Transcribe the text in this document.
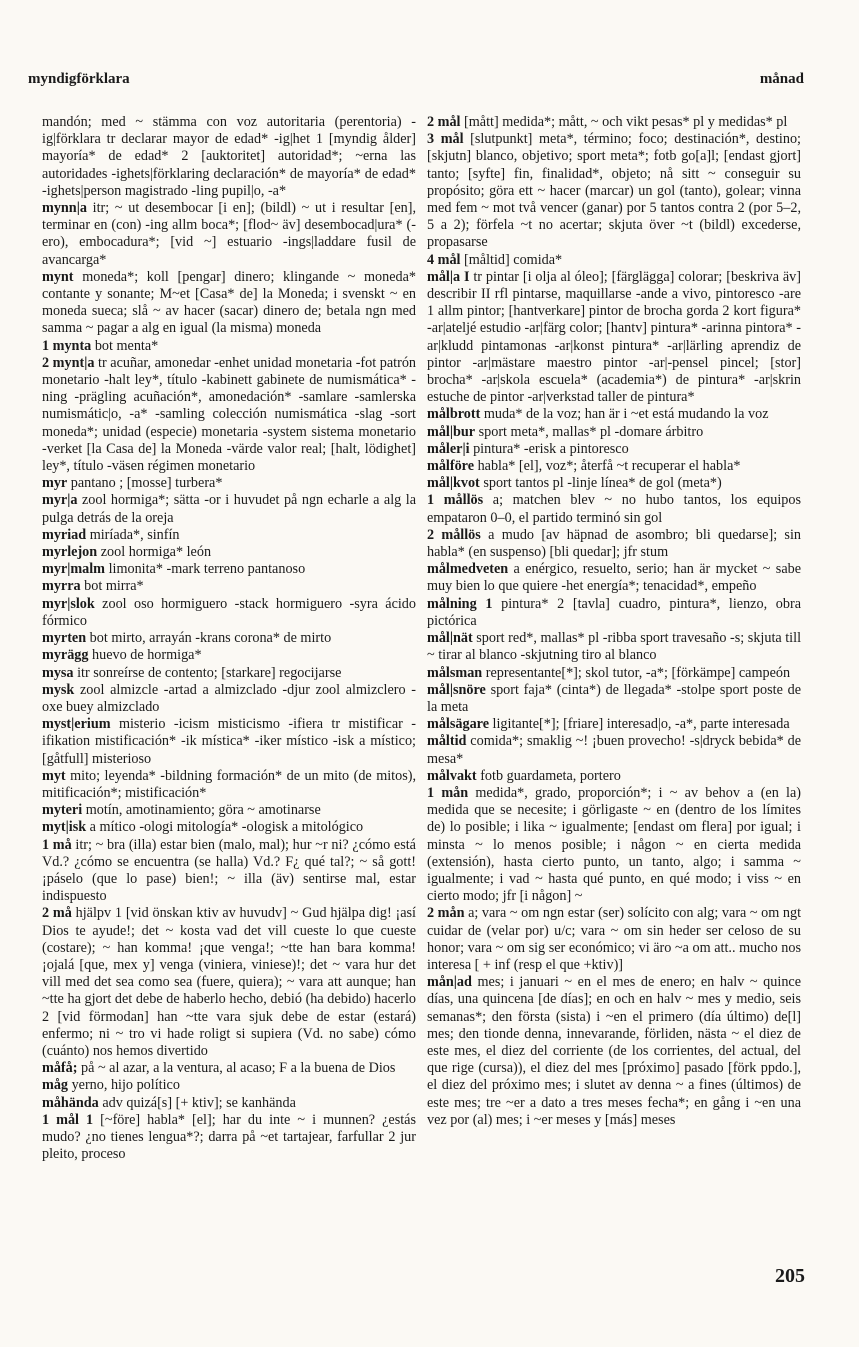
myndigförklara	månad

mandón; med ~ stämma con voz autoritaria (perentoria) -ig|förklara tr declarar mayor de edad* -ig|het 1 [myndig ålder] mayoría* de edad* 2 [auktoritet] autoridad*; ~erna las autoridades -ighets|förklaring declaración* de mayoría* de edad* -ighets|person magistrado -ling pupil|o, -a*

mynn|a itr; ~ ut desembocar [i en]; (bildl) ~ ut i resultar [en], terminar en (con) -ing allm boca*; [flod~ äv] desembocad|ura* (-ero), embocadura*; [vid ~] estuario -ings|laddare fusil de avancarga*

mynt moneda*; koll [pengar] dinero; klingande ~ moneda* contante y sonante; M~et [Casa* de] la Moneda; i svenskt ~ en moneda sueca; slå ~ av hacer (sacar) dinero de; betala ngn med samma ~ pagar a alg en igual (la misma) moneda

1 mynta bot menta*

2 mynt|a tr acuñar, amonedar -enhet unidad monetaria -fot patrón monetario -halt ley*, título -kabinett gabinete de numismática* -ning -prägling acuñación*, amonedación* -samlare -samlerska numismátic|o, -a* -samling colección numismática -slag -sort moneda*; unidad (especie) monetaria -system sistema monetario -verket [la Casa de] la Moneda -värde valor real; [halt, lödighet] ley*, título -väsen régimen monetario

myr pantano ; [mosse] turbera*

myr|a zool hormiga*; sätta -or i huvudet på ngn echarle a alg la pulga detrás de la oreja

myriad miríada*, sinfín

myrlejon zool hormiga* león

myr|malm limonita* -mark terreno pantanoso

myrra bot mirra*

myr|slok zool oso hormiguero -stack hormiguero -syra ácido fórmico

myrten bot mirto, arrayán -krans corona* de mirto

myrägg huevo de hormiga*

mysa itr sonreírse de contento; [starkare] regocijarse

mysk zool almizcle -artad a almizclado -djur zool almizclero -oxe buey almizclado

myst|erium misterio -icism misticismo -ifiera tr mistificar -ifikation mistificación* -ik mística* -iker místico -isk a místico; [gåtfull] misterioso

myt mito; leyenda* -bildning formación* de un mito (de mitos), mitificación*; mistificación*

myteri motín, amotinamiento; göra ~ amotinarse

myt|isk a mítico -ologi mitología* -ologisk a mitológico

1 må itr; ~ bra (illa) estar bien (malo, mal); hur ~r ni? ¿cómo está Vd.? ¿cómo se encuentra (se halla) Vd.? F¿ qué tal?; ~ så gott! ¡páselo (que lo pase) bien!; ~ illa (äv) sentirse mal, estar indispuesto

2 må hjälpv 1 [vid önskan ktiv av huvudv] ~ Gud hjälpa dig! ¡así Dios te ayude!; det ~ kosta vad det vill cueste lo que cueste (costare); ~ han komma! ¡que venga!; ~tte han bara komma! ¡ojalá [que, mex y] venga (viniera, viniese)!; det ~ vara hur det vill med det sea como sea (fuere, quiera); ~ vara att aunque; han ~tte ha gjort det debe de haberlo hecho, debió (ha debido) hacerlo 2 [vid förmodan] han ~tte vara sjuk debe de estar (estará) enfermo; ni ~ tro vi hade roligt si supiera (Vd. no sabe) cómo (cuánto) nos hemos divertido

måfå; på ~ al azar, a la ventura, al acaso; F a la buena de Dios

måg yerno, hijo político

måhända adv quizá[s] [+ ktiv]; se kanhända

1 mål 1 [~före] habla* [el]; har du inte ~ i munnen? ¿estás mudo? ¿no tienes lengua*?; darra på ~et tartajear, farfullar 2 jur pleito, proceso

2 mål [mått] medida*; mått, ~ och vikt pesas* pl y medidas* pl

3 mål [slutpunkt] meta*, término; foco; destinación*, destino; [skjutn] blanco, objetivo; sport meta*; fotb go[a]l; [endast gjort] tanto; [syfte] fin, finalidad*, objeto; nå sitt ~ conseguir su propósito; göra ett ~ hacer (marcar) un gol (tanto), golear; vinna med fem ~ mot två vencer (ganar) por 5 tantos contra 2 (por 5–2, 5 a 2); förfela ~t no acertar; skjuta över ~t (bildl) excederse, propasarse

4 mål [måltid] comida*

mål|a I tr pintar [i olja al óleo]; [färglägga] colorar; [beskriva äv] describir II rfl pintarse, maquillarse -ande a vivo, pintoresco -are 1 allm pintor; [hantverkare] pintor de brocha gorda 2 kort figura* -ar|ateljé estudio -ar|färg color; [hantv] pintura* -arinna pintora* -ar|kludd pintamonas -ar|konst pintura* -ar|lärling aprendiz de pintor -ar|mästare maestro pintor -ar|-pensel pincel; [stor] brocha* -ar|skola escuela* (academia*) de pintura* -ar|skrin estuche de pintor -ar|verkstad taller de pintura*

målbrott muda* de la voz; han är i ~et está mudando la voz

mål|bur sport meta*, mallas* pl -domare árbitro

måler|i pintura* -erisk a pintoresco

målföre habla* [el], voz*; återfå ~t recuperar el habla*

mål|kvot sport tantos pl -linje línea* de gol (meta*)

1 mållös a; matchen blev ~ no hubo tantos, los equipos empataron 0–0, el partido terminó sin gol

2 mållös a mudo [av häpnad de asombro; bli quedarse]; sin habla* (en suspenso) [bli quedar]; jfr stum

målmedveten a enérgico, resuelto, serio; han är mycket ~ sabe muy bien lo que quiere -het energía*; tenacidad*, empeño

målning 1 pintura* 2 [tavla] cuadro, pintura*, lienzo, obra pictórica

mål|nät sport red*, mallas* pl -ribba sport travesaño -s; skjuta till ~ tirar al blanco -skjutning tiro al blanco

målsman representante[*]; skol tutor, -a*; [förkämpe] campeón

mål|snöre sport faja* (cinta*) de llegada* -stolpe sport poste de la meta

målsägare ligitante[*]; [friare] interesad|o, -a*, parte interesada

måltid comida*; smaklig ~! ¡buen provecho! -s|dryck bebida* de mesa*

målvakt fotb guardameta, portero

1 mån medida*, grado, proporción*; i ~ av behov a (en la) medida que se necesite; i görligaste ~ en (dentro de los límites de) lo posible; i lika ~ igualmente; [endast om flera] por igual; i minsta ~ lo menos posible; i någon ~ en cierta medida (extensión), hasta cierto punto, un tanto, algo; i samma ~ igualmente; i vad ~ hasta qué punto, en qué modo; i viss ~ en cierto modo; jfr [i någon] ~

2 mån a; vara ~ om ngn estar (ser) solícito con alg; vara ~ om ngt cuidar de (velar por) u/c; vara ~ om sin heder ser celoso de su honor; vara ~ om sig ser económico; vi äro ~a om att.. mucho nos interesa [ + inf (resp el que +ktiv)]

mån|ad mes; i januari ~ en el mes de enero; en halv ~ quince días, una quincena [de días]; en och en halv ~ mes y medio, seis semanas*; den första (sista) i ~en el primero (día último) de[l] mes; den tionde denna, innevarande, förliden, nästa ~ el diez de este mes, el diez del corriente (de los corrientes, del actual, del que rige (cursa)), el diez del mes [próximo] pasado [förk ppdo.], el diez del próximo mes; i slutet av denna ~ a fines (últimos) de este mes; tre ~er a dato a tres meses fecha*; en gång i ~en una vez por (al) mes; i ~er meses y [más] meses

205
